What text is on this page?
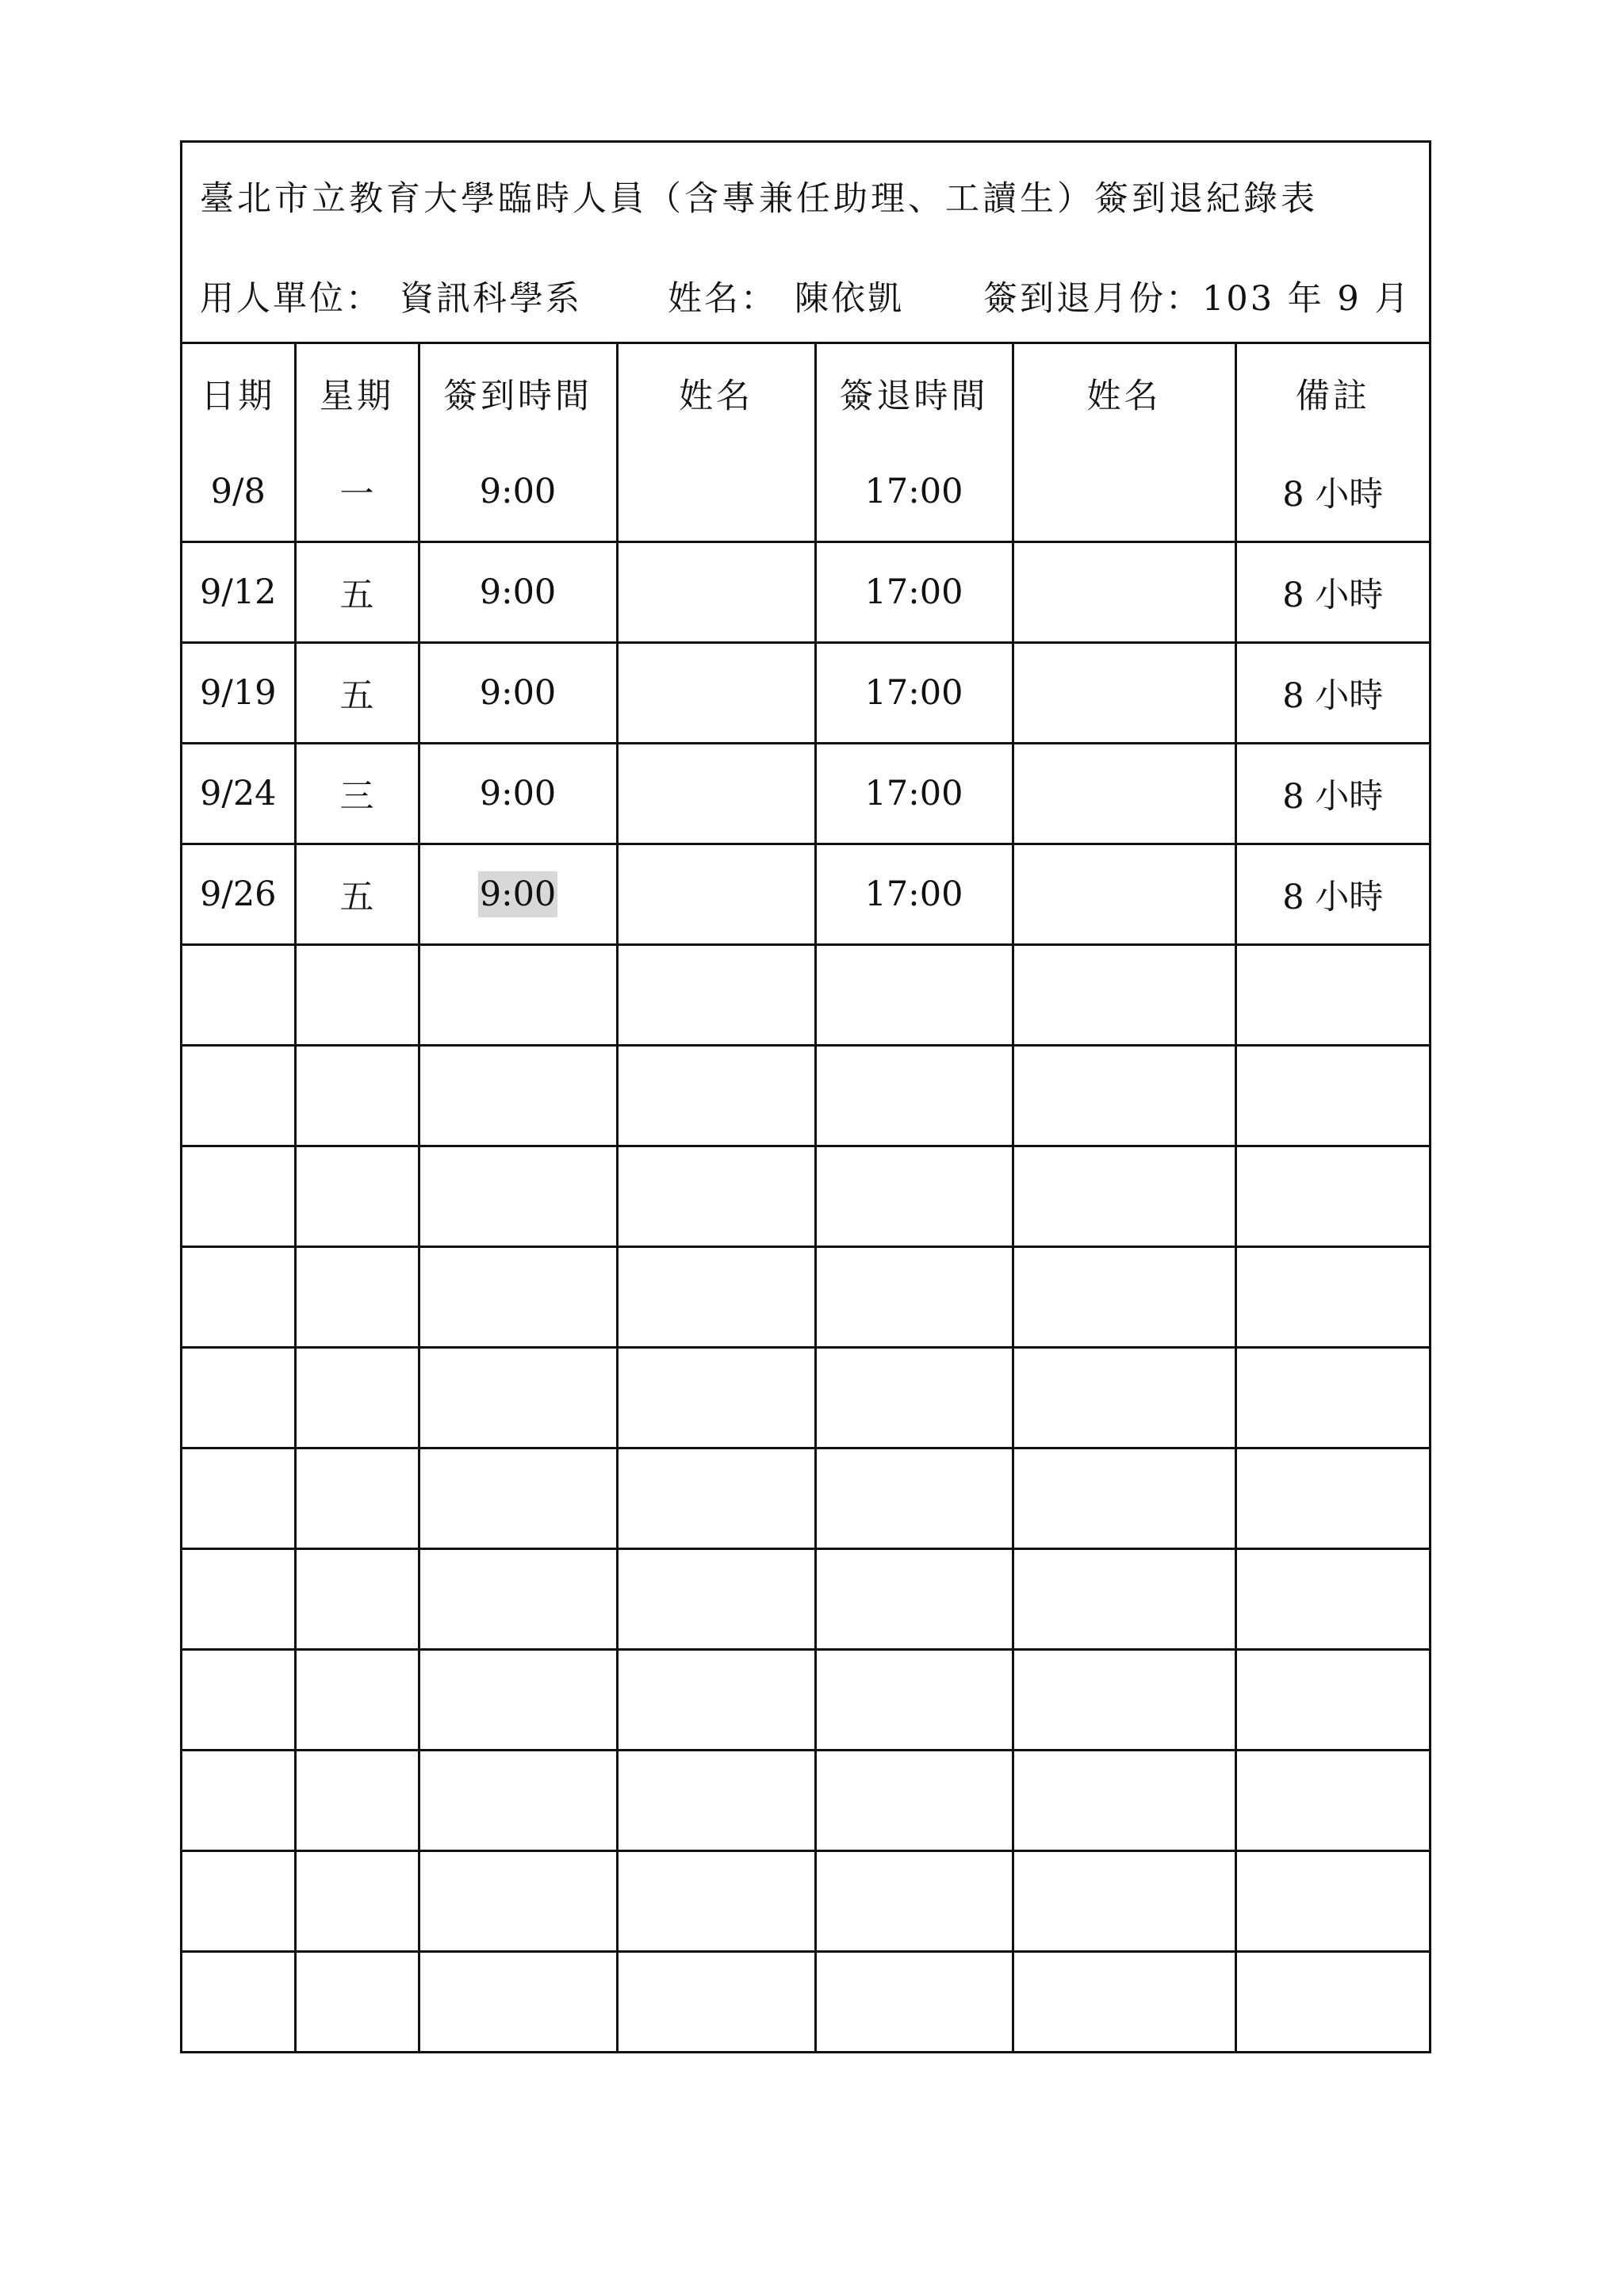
臺北市立教育大學臨時人員（含專兼任助理、工讀生）簽到退紀錄表
用人單位： 資訊科學系	姓名： 陳依凱 簽到退月份： 103 年 9 月
日期	星期	簽到時間	姓名	簽退時間	姓名	備註
9/8	一	9:00		17:00		8 小時
9/12	五	9:00		17:00		8 小時
9/19	五	9:00		17:00		8 小時
9/24	三	9:00		17:00		8 小時
9/26	五	9:00		17:00		8 小時
